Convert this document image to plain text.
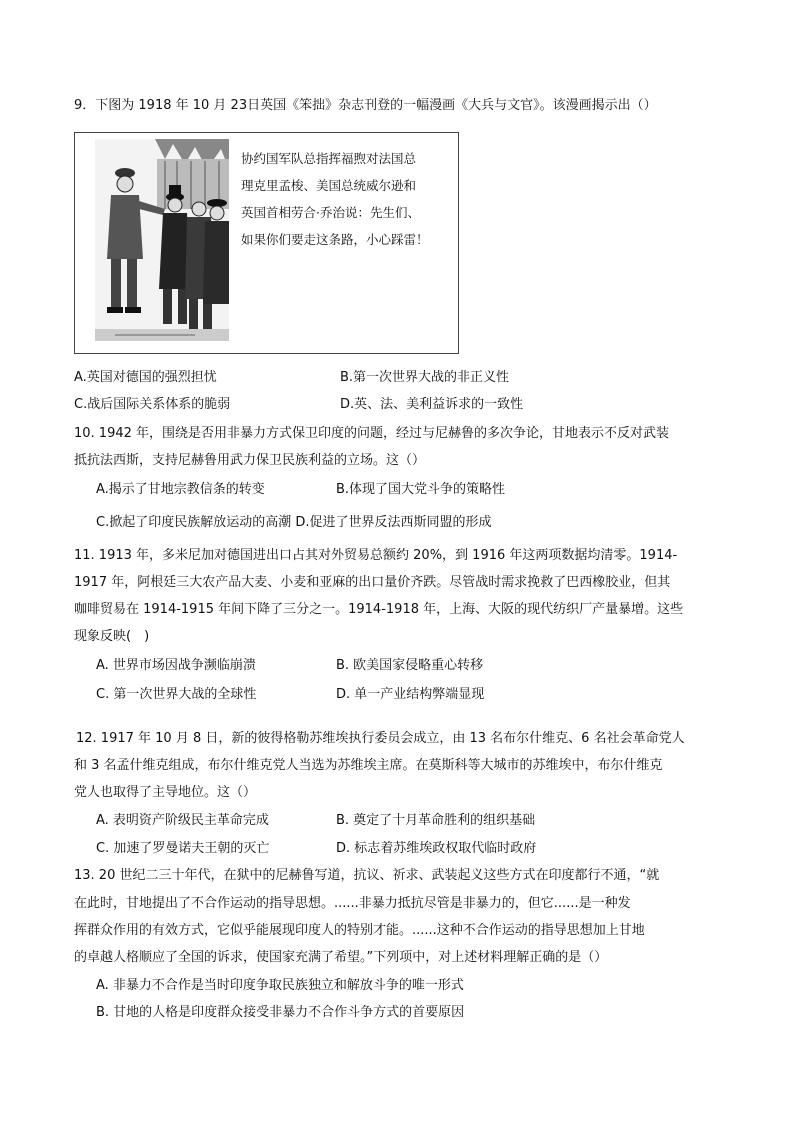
9．下图为 1918 年 10 月 23日英国《笨拙》杂志刊登的一幅漫画《大兵与文官》。该漫画揭示出（）
协约国军队总指挥福煦对法国总
理克里孟梭、美国总统威尔逊和
英国首相劳合·乔治说：先生们、
如果你们要走这条路，小心踩雷！
A.英国对德国的强烈担忧	B.第一次世界大战的非正义性
C.战后国际关系体系的脆弱	D.英、法、美利益诉求的一致性
10. 1942 年，围绕是否用非暴力方式保卫印度的问题，经过与尼赫鲁的多次争论，甘地表示不反对武装
抵抗法西斯，支持尼赫鲁用武力保卫民族利益的立场。这（）
A.揭示了甘地宗教信条的转变	B.体现了国大党斗争的策略性
C.掀起了印度民族解放运动的高潮 D.促进了世界反法西斯同盟的形成
11. 1913 年，多米尼加对德国进出口占其对外贸易总额约 20%，到 1916 年这两项数据均清零。1914-
1917 年，阿根廷三大农产品大麦、小麦和亚麻的出口量价齐跌。尽管战时需求挽救了巴西橡胶业，但其
咖啡贸易在 1914-1915 年间下降了三分之一。1914-1918 年，上海、大阪的现代纺织厂产量暴增。这些
现象反映(　)
A. 世界市场因战争濒临崩溃	B. 欧美国家侵略重心转移
C. 第一次世界大战的全球性	D. 单一产业结构弊端显现
12. 1917 年 10 月 8 日，新的彼得格勒苏维埃执行委员会成立，由 13 名布尔什维克、6 名社会革命党人
和 3 名孟什维克组成，布尔什维克党人当选为苏维埃主席。在莫斯科等大城市的苏维埃中，布尔什维克
党人也取得了主导地位。这（）
A. 表明资产阶级民主革命完成	B. 奠定了十月革命胜利的组织基础
C. 加速了罗曼诺夫王朝的灭亡	D. 标志着苏维埃政权取代临时政府
13. 20 世纪二三十年代，在狱中的尼赫鲁写道，抗议、祈求、武装起义这些方式在印度都行不通，“就
在此时，甘地提出了不合作运动的指导思想。......非暴力抵抗尽管是非暴力的，但它......是一种发
挥群众作用的有效方式，它似乎能展现印度人的特别才能。......这种不合作运动的指导思想加上甘地
的卓越人格顺应了全国的诉求，使国家充满了希望。”下列项中，对上述材料理解正确的是（）
A. 非暴力不合作是当时印度争取民族独立和解放斗争的唯一形式
B. 甘地的人格是印度群众接受非暴力不合作斗争方式的首要原因
